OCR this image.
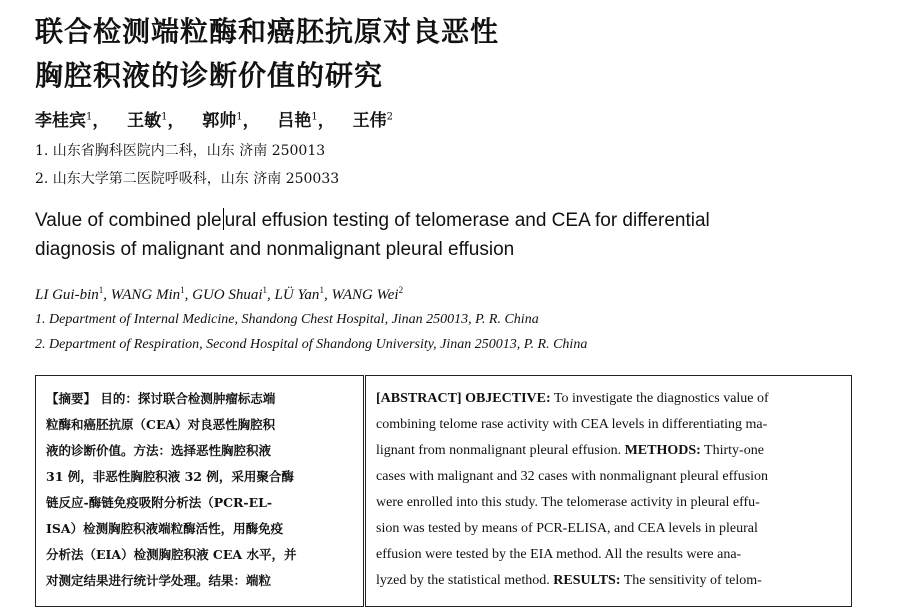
联合检测端粒酶和癌胚抗原对良恶性
胸腔积液的诊断价值的研究
李桂宾$^1$，   王敏$^1$，   郭帅$^1$，   吕艳$^1$，   王伟$^2$
1. 山东省胸科医院内二科，山东 济南 250013
2. 山东大学第二医院呼吸科，山东 济南 250033
Value of combined ple ural effusion testing of telomerase and CEA for differential
diagnosis of malignant and nonmalignant pleural effusion
LI Gui-bin$^1$, WANG Min$^1$, GUO Shuai$^1$, LÜ Yan$^1$, WANG Wei$^2$
1. Department of Internal Medicine, Shandong Chest Hospital, Jinan 250013, P. R. China
2. Department of Respiration, Second Hospital of Shandong University, Jinan 250013, P. R. China
【摘要】 目的：探讨联合检测肿瘤标志端
粒酶和癌胚抗原（CEA）对良恶性胸腔积
液的诊断价值。方法：选择恶性胸腔积液
31 例，非恶性胸腔积液 32 例，采用聚合酶
链反应-酶链免疫吸附分析法（PCR-EL-
ISA）检测胸腔积液端粒酶活性，用酶免疫
分析法（EIA）检测胸腔积液 CEA 水平，并
对测定结果进行统计学处理。结果：端粒
[ABSTRACT] OBJECTIVE: To investigate the diagnostics value of
combining telome rase activity with CEA levels in differentiating ma-
lignant from nonmalignant pleural effusion. METHODS: Thirty-one
cases with malignant and 32 cases with nonmalignant pleural effusion
were enrolled into this study. The telomerase activity in pleural effu-
sion was tested by means of PCR-ELISA, and CEA levels in pleural
effusion were tested by the EIA method. All the results were ana-
lyzed by the statistical method. RESULTS: The sensitivity of telom-
